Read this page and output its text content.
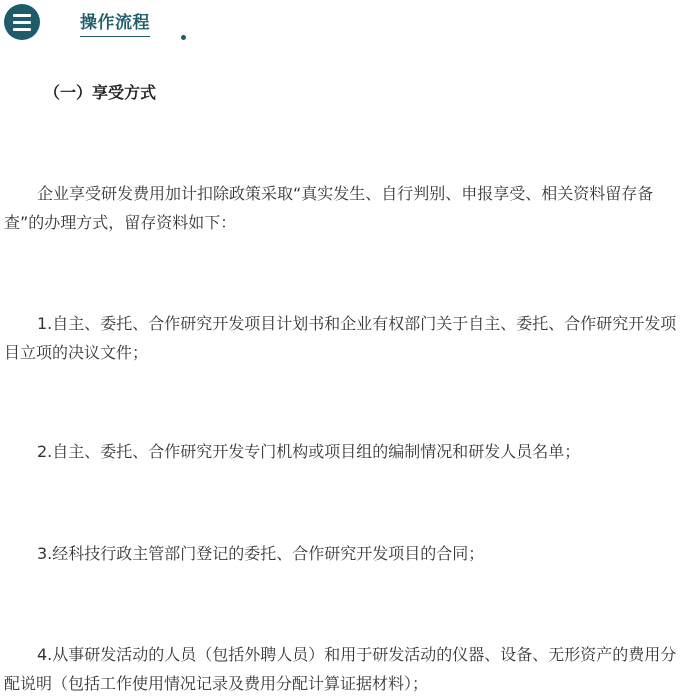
操作流程
（一）享受方式

企业享受研发费用加计扣除政策采取“真实发生、自行判别、申报享受、相关资料留存备查”的办理方式，留存资料如下：

1.自主、委托、合作研究开发项目计划书和企业有权部门关于自主、委托、合作研究开发项目立项的决议文件；

2.自主、委托、合作研究开发专门机构或项目组的编制情况和研发人员名单；

3.经科技行政主管部门登记的委托、合作研究开发项目的合同；

4.从事研发活动的人员（包括外聘人员）和用于研发活动的仪器、设备、无形资产的费用分配说明（包括工作使用情况记录及费用分配计算证据材料）；
